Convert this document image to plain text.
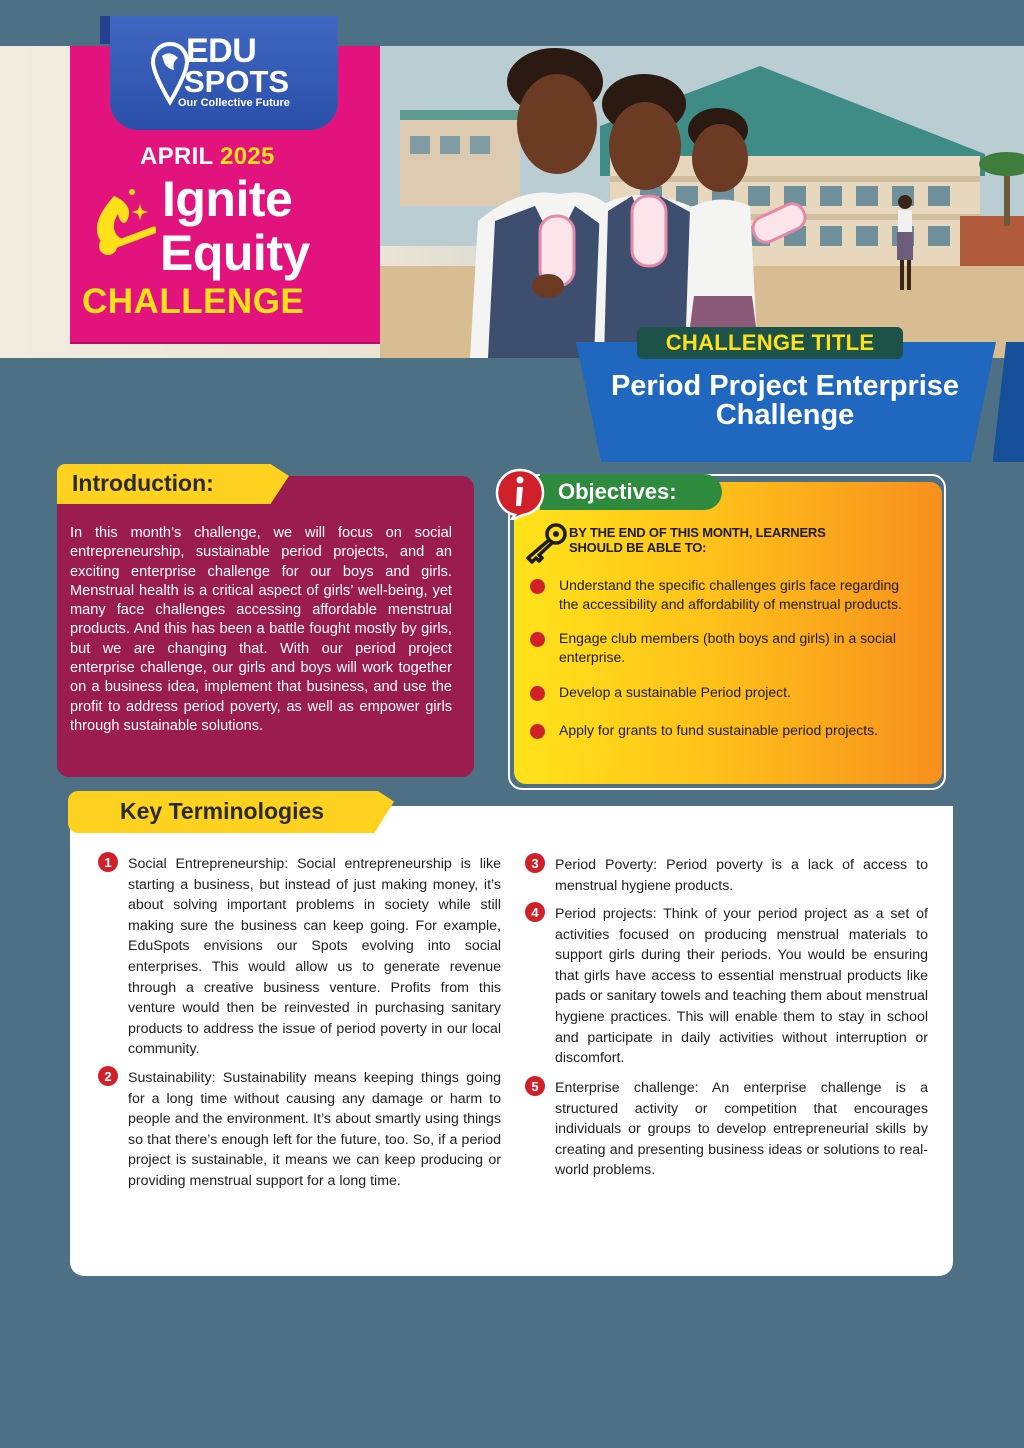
EDU
SPOTS
Our Collective Future
APRIL 2025
Ignite
Equity
CHALLENGE
CHALLENGE TITLE
Period Project Enterprise Challenge
Introduction:
In this month’s challenge, we will focus on social entrepreneurship, sustainable period projects, and an exciting enterprise challenge for our boys and girls. Menstrual health is a critical aspect of girls’ well-being, yet many face challenges accessing affordable menstrual products. And this has been a battle fought mostly by girls, but we are changing that. With our period project enterprise challenge, our girls and boys will work together on a business idea, implement that business, and use the profit to address period poverty, as well as empower girls through sustainable solutions.
Objectives:
BY THE END OF THIS MONTH, LEARNERS SHOULD BE ABLE TO:
Understand the specific challenges girls face regarding the accessibility and affordability of menstrual products.
Engage club members (both boys and girls) in a social enterprise.
Develop a sustainable Period project.
Apply for grants to fund sustainable period projects.
Key Terminologies
1	Social Entrepreneurship: Social entrepreneurship is like starting a business, but instead of just making money, it’s about solving important problems in society while still making sure the business can keep going. For example, EduSpots envisions our Spots evolving into social enterprises. This would allow us to generate revenue through a creative business venture. Profits from this venture would then be reinvested in purchasing sanitary products to address the issue of period poverty in our local community.
2	Sustainability: Sustainability means keeping things going for a long time without causing any damage or harm to people and the environment. It’s about smartly using things so that there’s enough left for the future, too. So, if a period project is sustainable, it means we can keep producing or providing menstrual support for a long time.
3	Period Poverty: Period poverty is a lack of access to menstrual hygiene products.
4	Period projects: Think of your period project as a set of activities focused on producing menstrual materials to support girls during their periods. You would be ensuring that girls have access to essential menstrual products like pads or sanitary towels and teaching them about menstrual hygiene practices. This will enable them to stay in school and participate in daily activities without interruption or discomfort.
5	Enterprise challenge: An enterprise challenge is a structured activity or competition that encourages individuals or groups to develop entrepreneurial skills by creating and presenting business ideas or solutions to real-world problems.
